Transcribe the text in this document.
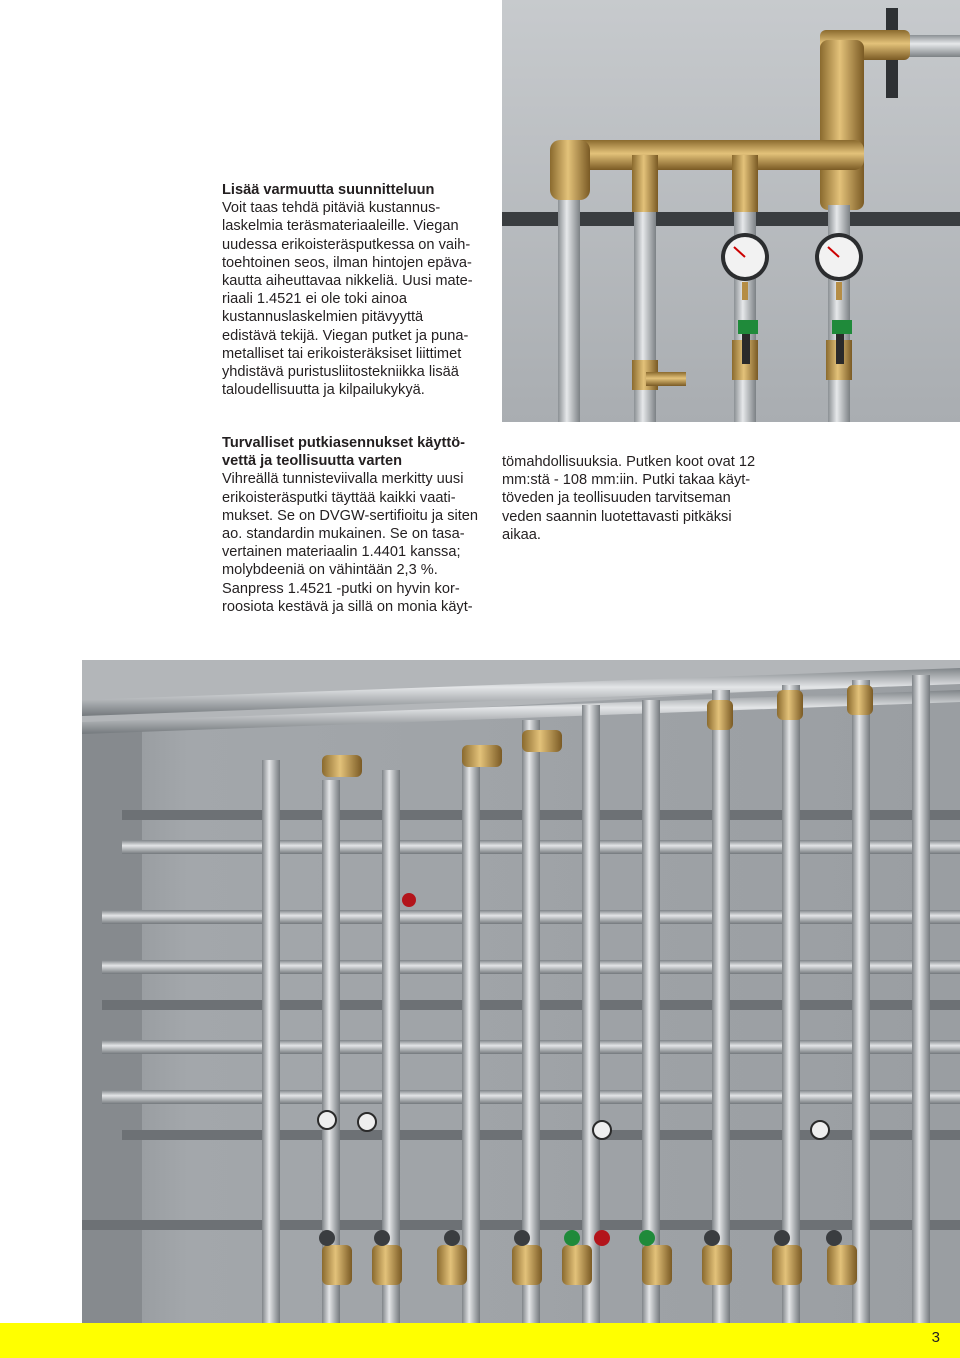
Lisää varmuutta suunnitteluun

Voit taas tehdä pitäviä kustannus-
laskelmia teräsmateriaaleille. Viegan
uudessa erikoisteräsputkessa on vaih-
toehtoinen seos, ilman hintojen epäva-
kautta aiheuttavaa nikkeliä. Uusi mate-
riaali 1.4521 ei ole toki ainoa
kustannuslaskelmien pitävyyttä
edistävä tekijä. Viegan putket ja puna-
metalliset tai erikoisteräksiset liittimet
yhdistävä puristusliitostekniikka lisää
taloudellisuutta ja kilpailukykyä.

Turvalliset putkiasennukset käyttö-
vettä ja teollisuutta varten

Vihreällä tunnisteviivalla merkitty uusi
erikoisteräsputki täyttää kaikki vaati-
mukset. Se on DVGW-sertifioitu ja siten
ao. standardin mukainen. Se on tasa-
vertainen materiaalin 1.4401 kanssa;
molybdeeniä on vähintään 2,3 %.
Sanpress 1.4521 -putki on hyvin kor-
roosiota kestävä ja sillä on monia käyt-

tömahdollisuuksia. Putken koot ovat 12
mm:stä - 108 mm:iin. Putki takaa käyt-
töveden ja teollisuuden tarvitseman
veden saannin luotettavasti pitkäksi
aikaa.

3
